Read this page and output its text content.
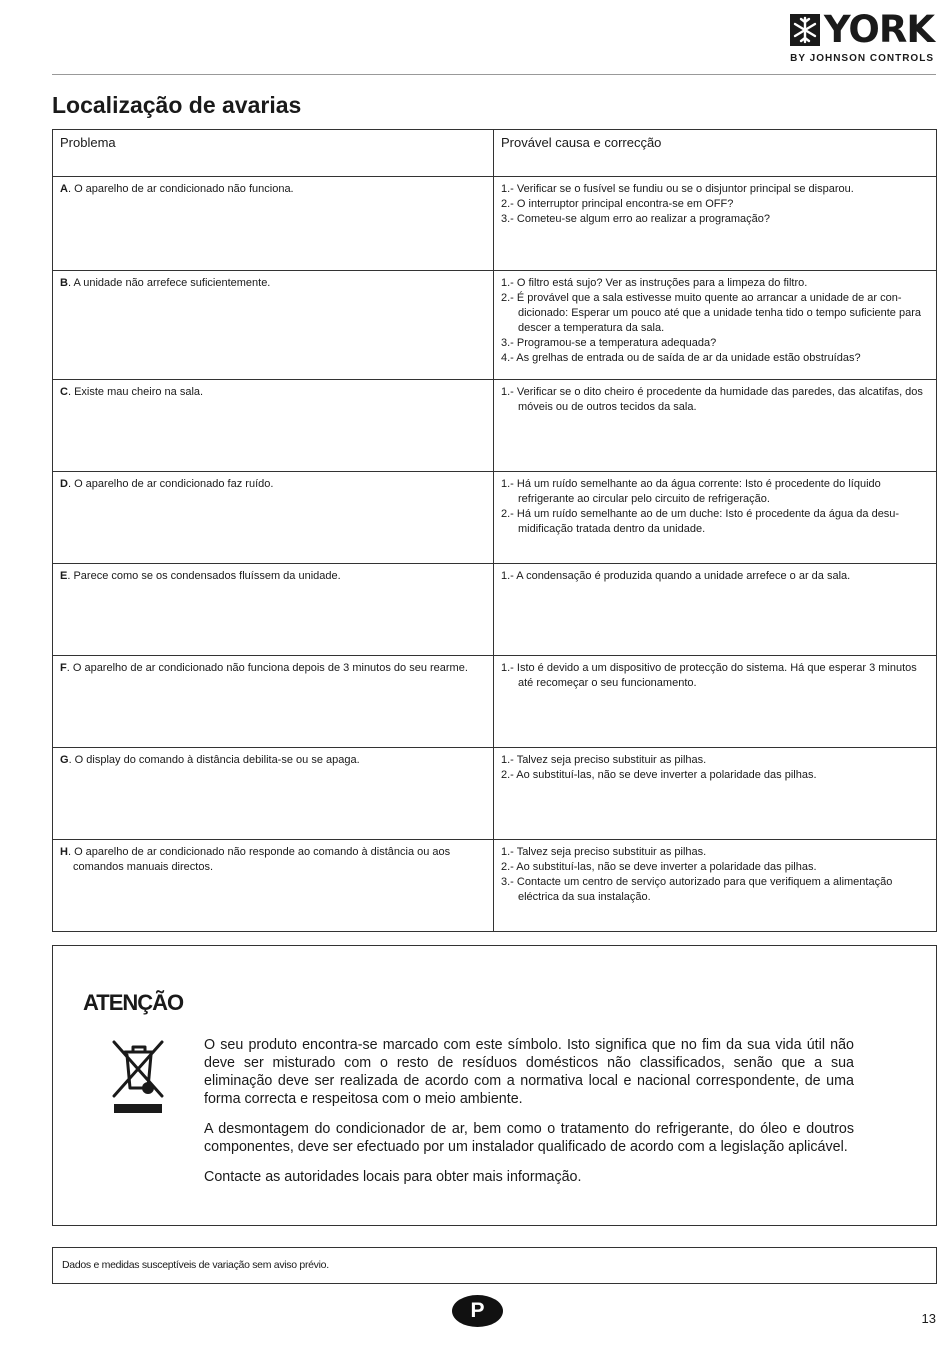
YORK
BY JOHNSON CONTROLS
Localização de avarias
Problema	Provável causa e correcção

A. O aparelho de ar condicionado não funciona.	1.- Verificar se o fusível se fundiu ou se o disjuntor principal se disparou.
2.- O interruptor principal encontra-se em OFF?
3.- Cometeu-se algum erro ao realizar a programação?

B. A unidade não arrefece suficientemente.	1.- O filtro está sujo? Ver as instruções para a limpeza do filtro.
2.- É provável que a sala estivesse muito quente ao arrancar a unidade de ar con-dicionado: Esperar um pouco até que a unidade tenha tido o tempo suficiente para descer a temperatura da sala.
3.- Programou-se a temperatura adequada?
4.- As grelhas de entrada ou de saída de ar da unidade estão obstruídas?

C. Existe mau cheiro na sala.	1.- Verificar se o dito cheiro é procedente da humidade das paredes, das alcatifas, dos móveis ou de outros tecidos da sala.

D. O aparelho de ar condicionado faz ruído.	1.- Há um ruído semelhante ao da água corrente: Isto é procedente do líquido refrigerante ao circular pelo circuito de refrigeração.
2.- Há um ruído semelhante ao de um duche: Isto é procedente da água da desu-midificação tratada dentro da unidade.

E. Parece como se os condensados fluíssem da unidade.	1.- A condensação é produzida quando a unidade arrefece o ar da sala.

F. O aparelho de ar condicionado não funciona depois de 3 minutos do seu rearme.	1.- Isto é devido a um dispositivo de protecção do sistema. Há que esperar 3 minutos até recomeçar o seu funcionamento.

G. O display do comando à distância debilita-se ou se apaga.	1.- Talvez seja preciso substituir as pilhas.
2.- Ao substituí-las, não se deve inverter a polaridade das pilhas.

H. O aparelho de ar condicionado não responde ao comando à distância ou aos comandos manuais directos.	1.- Talvez seja preciso substituir as pilhas.
2.- Ao substituí-las, não se deve inverter a polaridade das pilhas.
3.- Contacte um centro de serviço autorizado para que verifiquem a alimentação eléctrica da sua instalação.
ATENÇÃO

O seu produto encontra-se marcado com este símbolo. Isto significa que no fim da sua vida útil não deve ser misturado com o resto de resíduos domésticos não classificados, senão que a sua eliminação deve ser realizada de acordo com a normativa local e nacional correspondente, de uma forma correcta e respeitosa com o meio ambiente.

A desmontagem do condicionador de ar, bem como o tratamento do refrigerante, do óleo e doutros componentes, deve ser efectuado por um instalador qualificado de acordo com a legislação aplicável.

Contacte as autoridades locais para obter mais informação.

Dados e medidas susceptíveis de variação sem aviso prévio.
P	13
